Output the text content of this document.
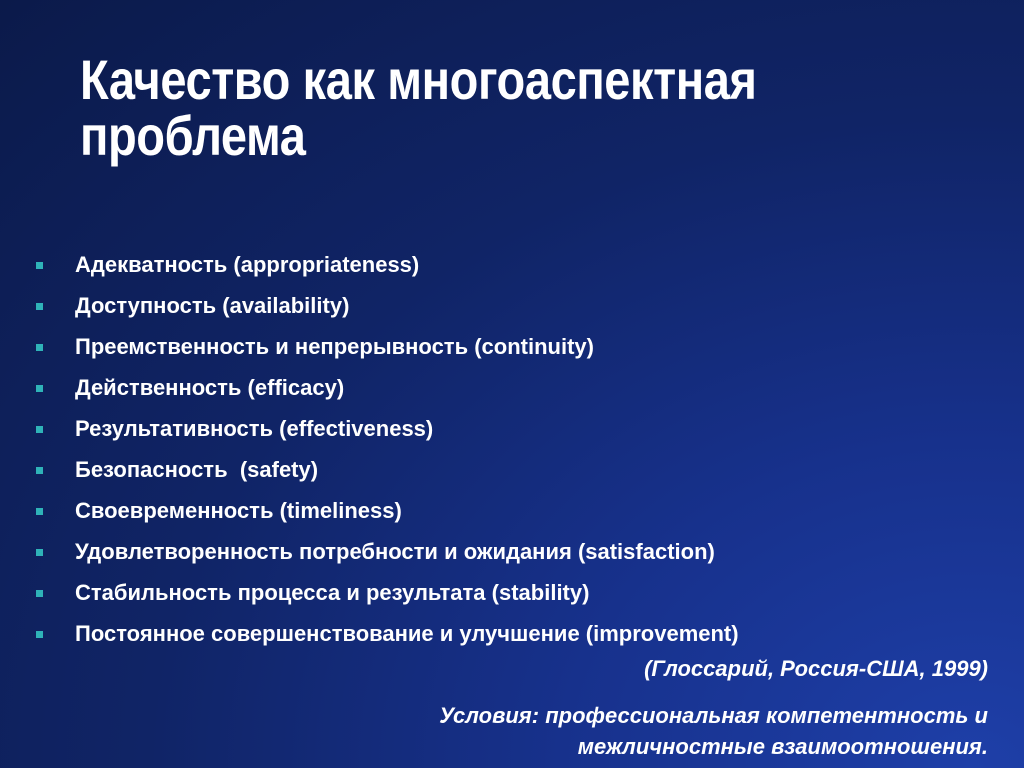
Качество как многоаспектная
проблема
Адекватность (appropriateness)
Доступность (availability)
Преемственность и непрерывность (continuity)
Действенность (efficacy)
Результативность (effectiveness)
Безопасность  (safety)
Своевременность (timeliness)
Удовлетворенность потребности и ожидания (satisfaction)
Стабильность процесса и результата (stability)
Постоянное совершенствование и улучшение (improvement)
(Глоссарий, Россия-США, 1999)
Условия: профессиональная компетентность и
межличностные взаимоотношения.
